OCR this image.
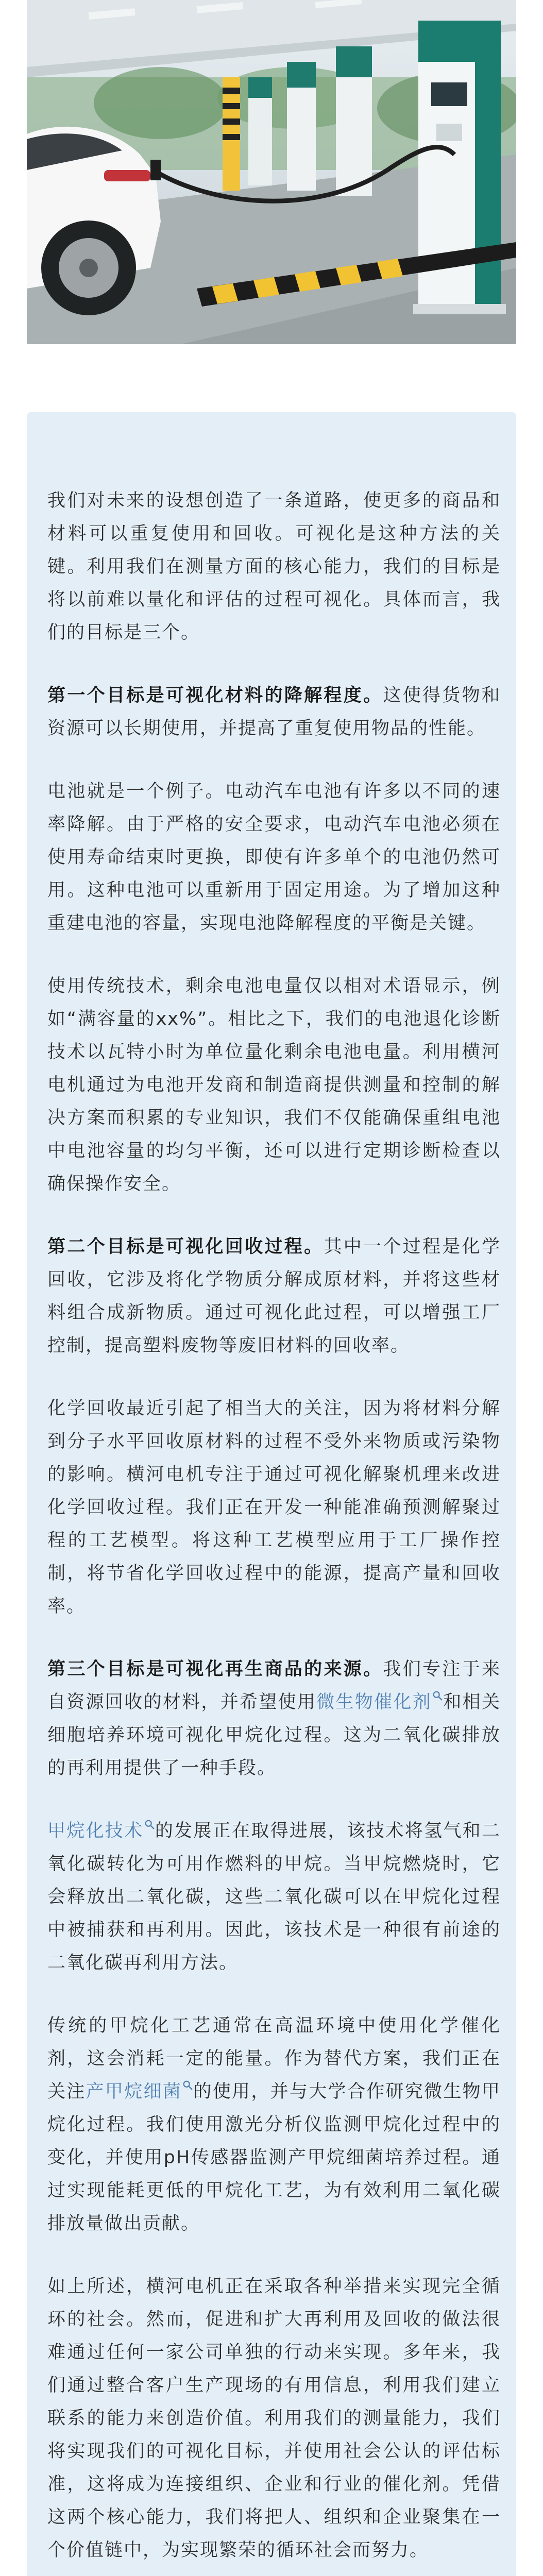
我们对未来的设想创造了一条道路，使更多的商品和材料可以重复使用和回收。可视化是这种方法的关键。利用我们在测量方面的核心能力，我们的目标是将以前难以量化和评估的过程可视化。具体而言，我们的目标是三个。

第一个目标是可视化材料的降解程度。这使得货物和资源可以长期使用，并提高了重复使用物品的性能。

电池就是一个例子。电动汽车电池有许多以不同的速率降解。由于严格的安全要求，电动汽车电池必须在使用寿命结束时更换，即使有许多单个的电池仍然可用。这种电池可以重新用于固定用途。为了增加这种重建电池的容量，实现电池降解程度的平衡是关键。

使用传统技术，剩余电池电量仅以相对术语显示，例如“满容量的xx%”。相比之下，我们的电池退化诊断技术以瓦特小时为单位量化剩余电池电量。利用横河电机通过为电池开发商和制造商提供测量和控制的解决方案而积累的专业知识，我们不仅能确保重组电池中电池容量的均匀平衡，还可以进行定期诊断检查以确保操作安全。

第二个目标是可视化回收过程。其中一个过程是化学回收，它涉及将化学物质分解成原材料，并将这些材料组合成新物质。通过可视化此过程，可以增强工厂控制，提高塑料废物等废旧材料的回收率。

化学回收最近引起了相当大的关注，因为将材料分解到分子水平回收原材料的过程不受外来物质或污染物的影响。横河电机专注于通过可视化解聚机理来改进化学回收过程。我们正在开发一种能准确预测解聚过程的工艺模型。将这种工艺模型应用于工厂操作控制，将节省化学回收过程中的能源，提高产量和回收率。

第三个目标是可视化再生商品的来源。我们专注于来自资源回收的材料，并希望使用微生物催化剂 和相关细胞培养环境可视化甲烷化过程。这为二氧化碳排放的再利用提供了一种手段。

甲烷化技术 的发展正在取得进展，该技术将氢气和二氧化碳转化为可用作燃料的甲烷。当甲烷燃烧时，它会释放出二氧化碳，这些二氧化碳可以在甲烷化过程中被捕获和再利用。因此，该技术是一种很有前途的二氧化碳再利用方法。

传统的甲烷化工艺通常在高温环境中使用化学催化剂，这会消耗一定的能量。作为替代方案，我们正在关注产甲烷细菌 的使用，并与大学合作研究微生物甲烷化过程。我们使用激光分析仪监测甲烷化过程中的变化，并使用pH传感器监测产甲烷细菌培养过程。通过实现能耗更低的甲烷化工艺，为有效利用二氧化碳排放量做出贡献。

如上所述，横河电机正在采取各种举措来实现完全循环的社会。然而，促进和扩大再利用及回收的做法很难通过任何一家公司单独的行动来实现。多年来，我们通过整合客户生产现场的有用信息，利用我们建立联系的能力来创造价值。利用我们的测量能力，我们将实现我们的可视化目标，并使用社会公认的评估标准，这将成为连接组织、企业和行业的催化剂。凭借这两个核心能力，我们将把人、组织和企业聚集在一个价值链中，为实现繁荣的循环社会而努力。
